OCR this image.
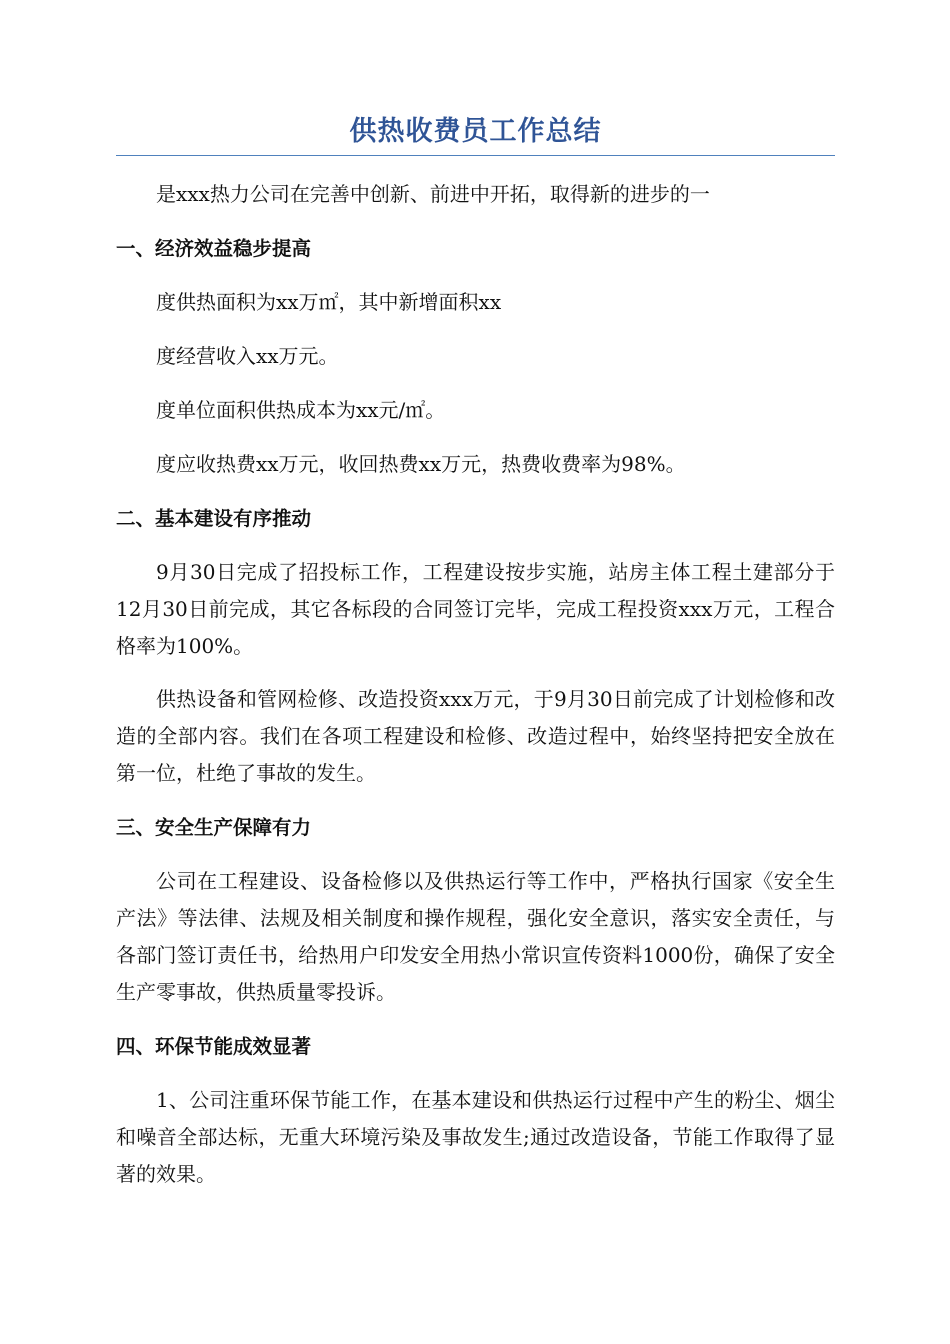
供热收费员工作总结

是xxx热力公司在完善中创新、前进中开拓，取得新的进步的一

一、经济效益稳步提高

度供热面积为xx万㎡，其中新增面积xx

度经营收入xx万元。

度单位面积供热成本为xx元/㎡。

度应收热费xx万元，收回热费xx万元，热费收费率为98%。

二、基本建设有序推动

9月30日完成了招投标工作，工程建设按步实施，站房主体工程土建部分于12月30日前完成，其它各标段的合同签订完毕，完成工程投资xxx万元，工程合格率为100%。

供热设备和管网检修、改造投资xxx万元，于9月30日前完成了计划检修和改造的全部内容。我们在各项工程建设和检修、改造过程中，始终坚持把安全放在第一位，杜绝了事故的发生。

三、安全生产保障有力

公司在工程建设、设备检修以及供热运行等工作中，严格执行国家《安全生产法》等法律、法规及相关制度和操作规程，强化安全意识，落实安全责任，与各部门签订责任书，给热用户印发安全用热小常识宣传资料1000份，确保了安全生产零事故，供热质量零投诉。

四、环保节能成效显著

1、公司注重环保节能工作，在基本建设和供热运行过程中产生的粉尘、烟尘和噪音全部达标，无重大环境污染及事故发生;通过改造设备，节能工作取得了显著的效果。
